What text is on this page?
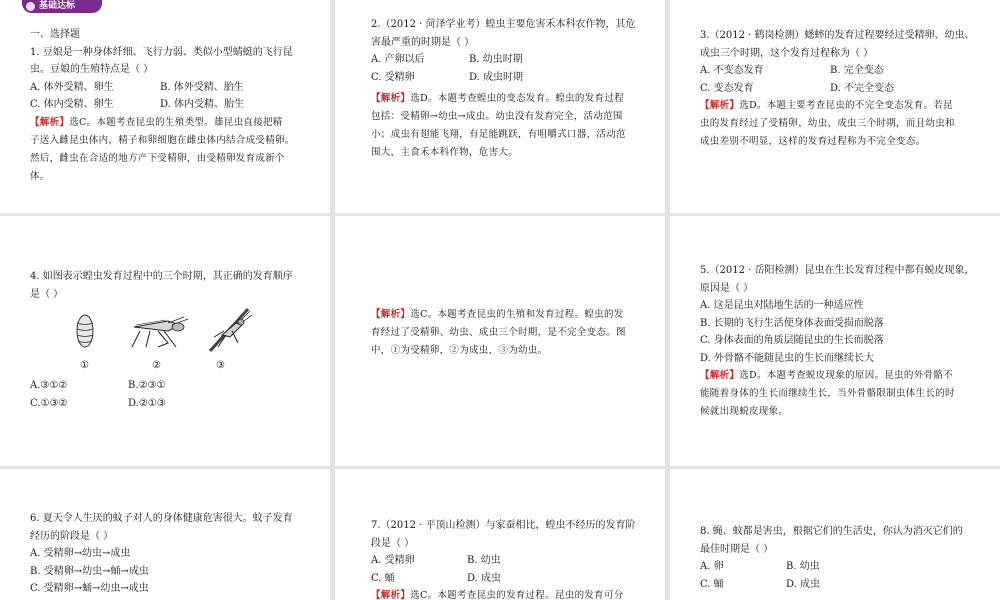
基础达标
一、选择题
1. 豆娘是一种身体纤细、飞行力弱、类似小型蜻蜓的飞行昆
虫。豆娘的生殖特点是（ ）
A. 体外受精、卵生	B. 体外受精、胎生
C. 体内受精、卵生	D. 体内受精、胎生
【解析】选C。本题考查昆虫的生殖类型。雄昆虫直接把精
子送入雌昆虫体内，精子和卵细胞在雌虫体内结合成受精卵。
然后，雌虫在合适的地方产下受精卵，由受精卵发育成新个
体。
2.（2012 · 菏泽学业考）蝗虫主要危害禾本科农作物，其危
害最严重的时期是（ ）
A. 产卵以后	B. 幼虫时期
C. 受精卵	D. 成虫时期
【解析】选D。本题考查蝗虫的变态发育。蝗虫的发育过程
包括：受精卵→幼虫→成虫。幼虫没有发育完全，活动范围
小；成虫有翅能飞翔，有足能跳跃，有咀嚼式口器，活动范
围大，主食禾本科作物，危害大。
3.（2012 · 鹤岗检测）蟋蟀的发育过程要经过受精卵、幼虫、
成虫三个时期，这个发育过程称为（ ）
A. 不变态发育	B. 完全变态
C. 变态发育	D. 不完全变态
【解析】选D。本题主要考查昆虫的不完全变态发育。若昆
虫的发育经过了受精卵、幼虫、成虫三个时期，而且幼虫和
成虫差别不明显，这样的发育过程称为不完全变态。
4. 如图表示蝗虫发育过程中的三个时期，其正确的发育顺序
是（ ）
①	②	③
A.③①②	B.②③①
C.①③②	D.②①③
【解析】选C。本题考查昆虫的生殖和发育过程。蝗虫的发
育经过了受精卵、幼虫、成虫三个时期，是不完全变态。图
中，①为受精卵，②为成虫，③为幼虫。
5.（2012 · 岳阳检测）昆虫在生长发育过程中都有蜕皮现象，
原因是（ ）
A. 这是昆虫对陆地生活的一种适应性
B. 长期的飞行生活使身体表面受损而脱落
C. 身体表面的角质层随昆虫的生长而脱落
D. 外骨骼不能随昆虫的生长而继续长大
【解析】选D。本题考查蜕皮现象的原因。昆虫的外骨骼不
能随着身体的生长而继续生长，当外骨骼限制虫体生长的时
候就出现蜕皮现象。
6. 夏天令人生厌的蚊子对人的身体健康危害很大。蚊子发育
经历的阶段是（ ）
A. 受精卵→幼虫→成虫
B. 受精卵→幼虫→蛹→成虫
C. 受精卵→蛹→幼虫→成虫
7.（2012 · 平顶山检测）与家蚕相比，蝗虫不经历的发育阶
段是（ ）
A. 受精卵	B. 幼虫
C. 蛹	D. 成虫
【解析】选C。本题考查昆虫的发育过程。昆虫的发育可分
8. 蝇、蚊都是害虫，根据它们的生活史，你认为消灭它们的
最佳时期是（ ）
A. 卵	B. 幼虫
C. 蛹	D. 成虫
